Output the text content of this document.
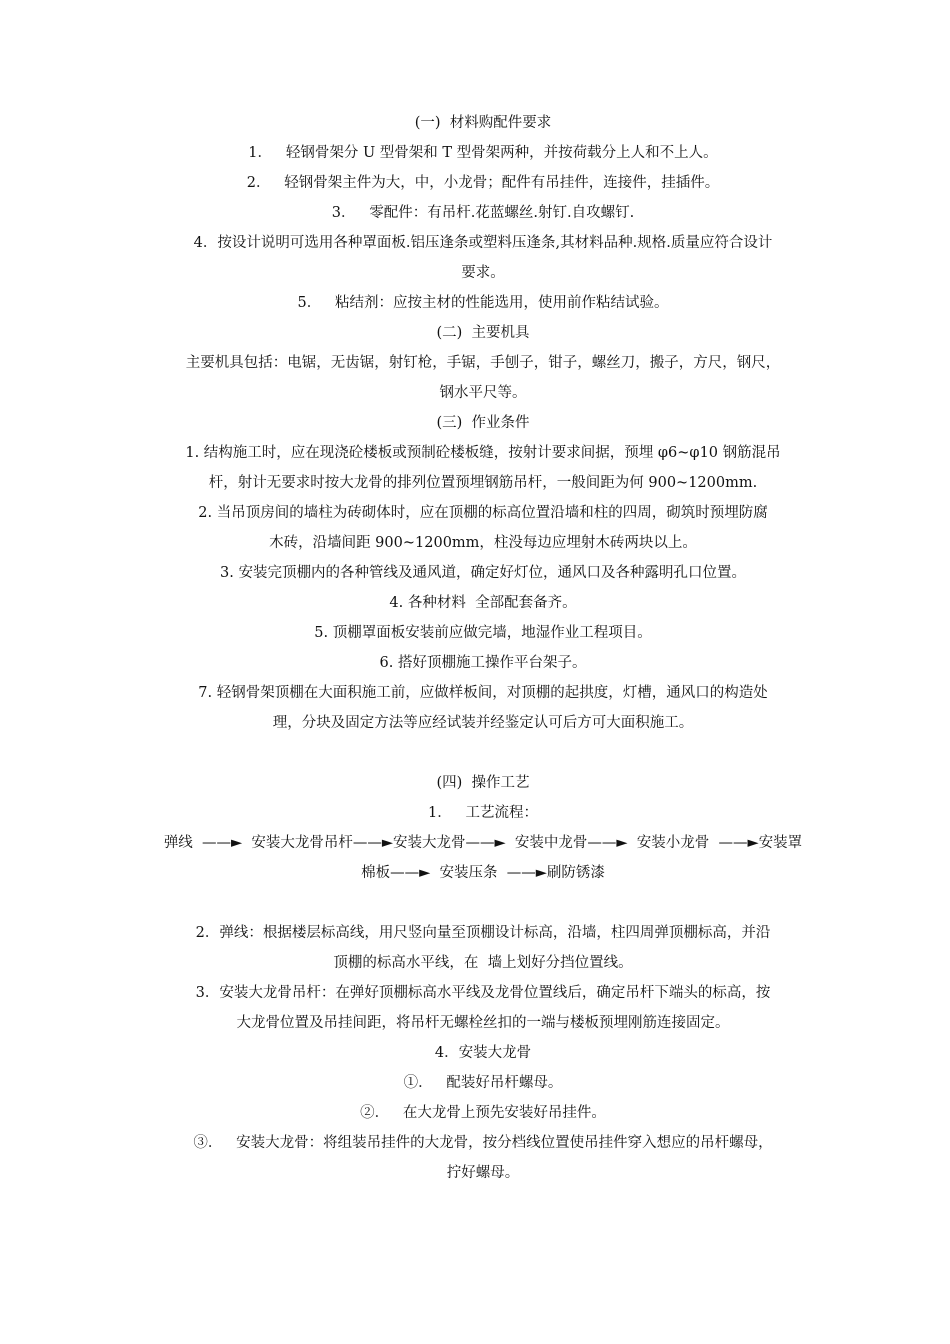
(一)  材料购配件要求
1．   轻钢骨架分 U 型骨架和 T 型骨架两种，并按荷载分上人和不上人。
2．   轻钢骨架主件为大，中，小龙骨；配件有吊挂件，连接件，挂插件。
3．   零配件：有吊杆.花蓝螺丝.射钉.自攻螺钉.
4．按设计说明可选用各种罩面板.铝压逢条或塑料压逢条,其材料品种.规格.质量应符合设计
要求。
5．   粘结剂：应按主材的性能选用，使用前作粘结试验。
(二)  主要机具
主要机具包括：电锯，无齿锯，射钉枪，手锯，手刨子，钳子，螺丝刀，搬子，方尺，钢尺，
钢水平尺等。
(三)  作业条件
1. 结构施工时，应在现浇砼楼板或预制砼楼板缝，按射计要求间据，预埋 φ6~φ10 钢筋混吊
杆，射计无要求时按大龙骨的排列位置预埋钢筋吊杆，一般间距为何 900~1200mm.
2. 当吊顶房间的墙柱为砖砌体时，应在顶棚的标高位置沿墙和柱的四周，砌筑时预埋防腐
木砖，沿墙间距 900~1200mm，柱没每边应埋射木砖两块以上。
3. 安装完顶棚内的各种管线及通风道，确定好灯位，通风口及各种露明孔口位置。
4. 各种材料  全部配套备齐。
5. 顶棚罩面板安装前应做完墙，地湿作业工程项目。
6. 搭好顶棚施工操作平台架子。
7. 轻钢骨架顶棚在大面积施工前，应做样板间，对顶棚的起拱度，灯槽，通风口的构造处
理，分块及固定方法等应经试装并经鉴定认可后方可大面积施工。
(四)  操作工艺
1．   工艺流程：
弹线  ——►  安装大龙骨吊杆——►安装大龙骨——►  安装中龙骨——►  安装小龙骨  ——►安装罩
棉板——►  安装压条  ——►刷防锈漆
2．弹线：根据楼层标高线，用尺竖向量至顶棚设计标高，沿墙，柱四周弹顶棚标高，并沿
顶棚的标高水平线，在  墙上划好分挡位置线。
3．安装大龙骨吊杆：在弹好顶棚标高水平线及龙骨位置线后，确定吊杆下端头的标高，按
大龙骨位置及吊挂间距，将吊杆无螺栓丝扣的一端与楼板预埋刚筋连接固定。
4．安装大龙骨
①．   配装好吊杆螺母。
②．   在大龙骨上预先安装好吊挂件。
③．   安装大龙骨：将组装吊挂件的大龙骨，按分档线位置使吊挂件穿入想应的吊杆螺母，
拧好螺母。
